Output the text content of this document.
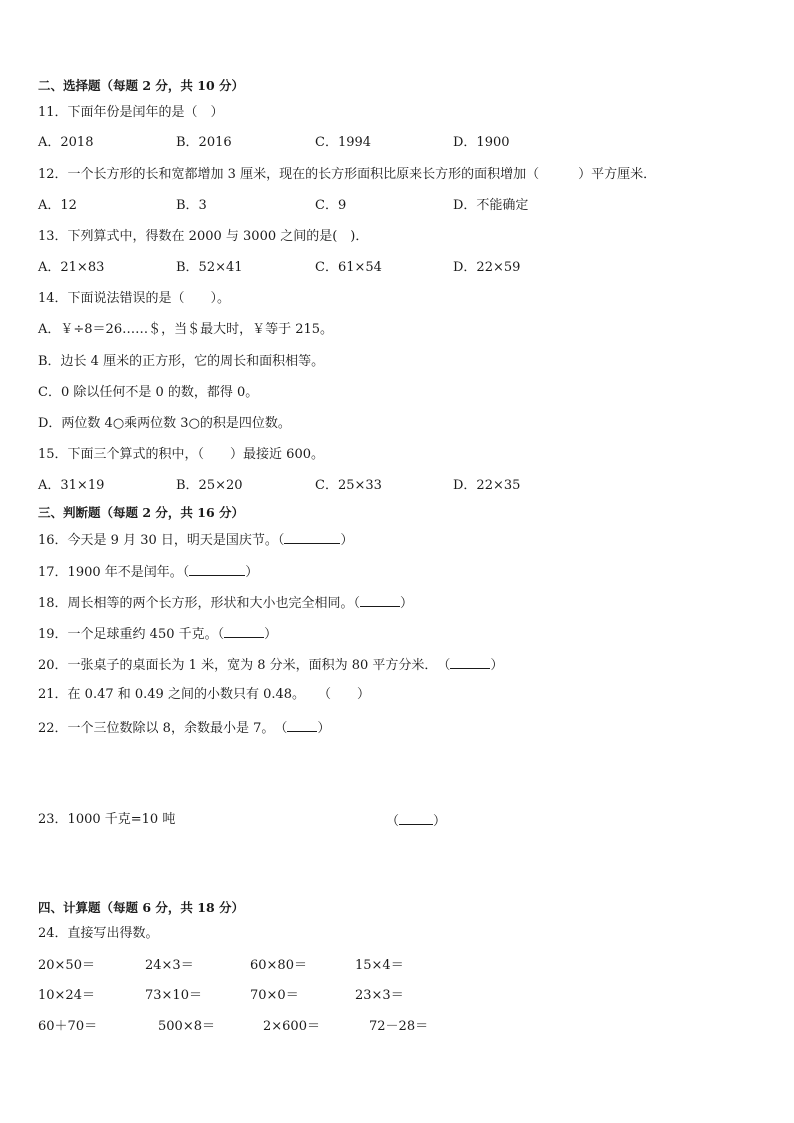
二、选择题（每题 2 分，共 10 分）
11．下面年份是闰年的是（　）
A．2018	B．2016	C．1994	D．1900
12．一个长方形的长和宽都增加 3 厘米，现在的长方形面积比原来长方形的面积增加（　　　）平方厘米．
A．12	B．3	C．9	D．不能确定
13．下列算式中，得数在 2000 与 3000 之间的是(　)．
A．21×83	B．52×41	C．61×54	D．22×59
14．下面说法错误的是（　　）。
A．￥÷8＝26……＄，当＄最大时，￥等于 215。
B．边长 4 厘米的正方形，它的周长和面积相等。
C．0 除以任何不是 0 的数，都得 0。
D．两位数 4○乘两位数 3○的积是四位数。
15．下面三个算式的积中，（　　）最接近 600。
A．31×19	B．25×20	C．25×33	D．22×35
三、判断题（每题 2 分，共 16 分）
16．今天是 9 月 30 日，明天是国庆节。（	）
17．1900 年不是闰年。（	）
18．周长相等的两个长方形，形状和大小也完全相同。（	）
19．一个足球重约 450 千克。（	）
20．一张桌子的桌面长为 1 米，宽为 8 分米，面积为 80 平方分米．　（	）
21．在 0.47 和 0.49 之间的小数只有 0.48。　　（　　）
22．一个三位数除以 8，余数最小是 7。　（ ）
23．1000 千克=10 吨	（	）
四、计算题（每题 6 分，共 18 分）
24．直接写出得数。
20×50＝	24×3＝	60×80＝	15×4＝
10×24＝	73×10＝	70×0＝	23×3＝
60＋70＝	500×8＝	2×600＝	72－28＝
